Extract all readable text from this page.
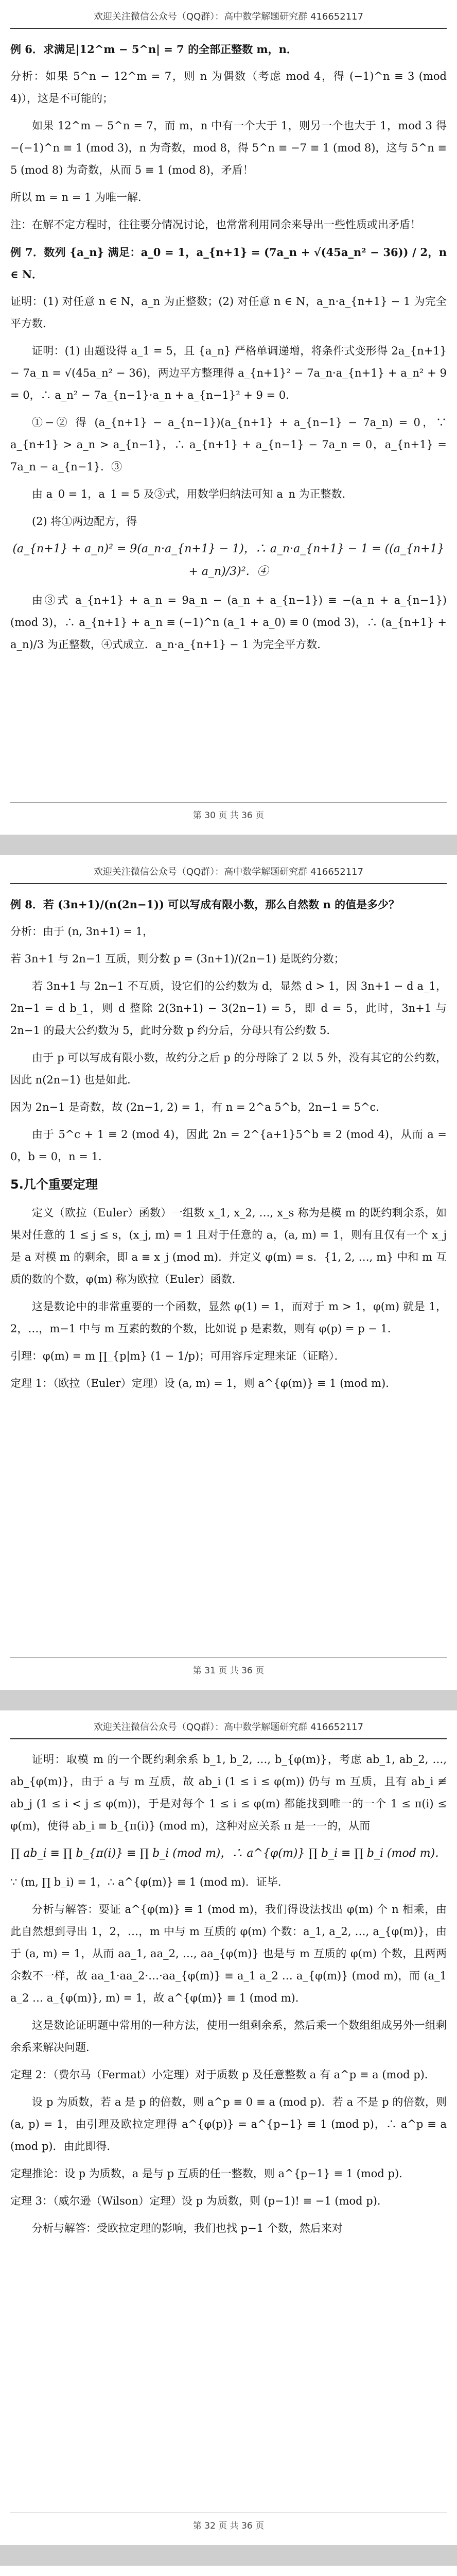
欢迎关注微信公众号（QQ群）：高中数学解题研究群 416652117

例 6．求满足|12^m − 5^n| = 7 的全部正整数 m，n．

分析：如果 5^n − 12^m = 7，则 n 为偶数（考虑 mod 4，得 (−1)^n ≡ 3 (mod 4)），这是不可能的；

如果 12^m − 5^n = 7，而 m，n 中有一个大于 1，则另一个也大于 1，mod 3 得 −(−1)^n ≡ 1 (mod 3)，n 为奇数，mod 8，得 5^n ≡ −7 ≡ 1 (mod 8)，这与 5^n ≡ 5 (mod 8) 为奇数，从而 5 ≡ 1 (mod 8)，矛盾！

所以 m = n = 1 为唯一解．

注：在解不定方程时，往往要分情况讨论，也常常利用同余来导出一些性质或出矛盾！

例 7．数列 {a_n} 满足：a_0 = 1，a_{n+1} = (7a_n + √(45a_n² − 36)) / 2，n ∈ N．

证明：(1) 对任意 n ∈ N，a_n 为正整数；(2) 对任意 n ∈ N，a_n·a_{n+1} − 1 为完全平方数．

证明：(1) 由题设得 a_1 = 5，且 {a_n} 严格单调递增，将条件式变形得 2a_{n+1} − 7a_n = √(45a_n² − 36)，两边平方整理得 a_{n+1}² − 7a_n·a_{n+1} + a_n² + 9 = 0，∴ a_n² − 7a_{n−1}·a_n + a_{n−1}² + 9 = 0．

①−② 得 (a_{n+1} − a_{n−1})(a_{n+1} + a_{n−1} − 7a_n) = 0，∵ a_{n+1} > a_n > a_{n−1}，∴ a_{n+1} + a_{n−1} − 7a_n = 0，a_{n+1} = 7a_n − a_{n−1}．③

由 a_0 = 1，a_1 = 5 及③式，用数学归纳法可知 a_n 为正整数．

(2) 将①两边配方，得

(a_{n+1} + a_n)² = 9(a_n·a_{n+1} − 1)，∴ a_n·a_{n+1} − 1 = ((a_{n+1} + a_n)/3)²．④

由③式 a_{n+1} + a_n = 9a_n − (a_n + a_{n−1}) ≡ −(a_n + a_{n−1}) (mod 3)，∴ a_{n+1} + a_n ≡ (−1)^n (a_1 + a_0) ≡ 0 (mod 3)，∴ (a_{n+1} + a_n)/3 为正整数，④式成立．a_n·a_{n+1} − 1 为完全平方数．

第 30 页 共 36 页
欢迎关注微信公众号（QQ群）：高中数学解题研究群 416652117

例 8．若 (3n+1)/(n(2n−1)) 可以写成有限小数，那么自然数 n 的值是多少？

分析：由于 (n, 3n+1) = 1，

若 3n+1 与 2n−1 互质，则分数 p = (3n+1)/(2n−1) 是既约分数；

若 3n+1 与 2n−1 不互质，设它们的公约数为 d，显然 d > 1，因 3n+1 − d a_1，2n−1 = d b_1，则 d 整除 2(3n+1) − 3(2n−1) = 5，即 d = 5，此时，3n+1 与 2n−1 的最大公约数为 5，此时分数 p 约分后，分母只有公约数 5．

由于 p 可以写成有限小数，故约分之后 p 的分母除了 2 以 5 外，没有其它的公约数，因此 n(2n−1) 也是如此．

因为 2n−1 是奇数，故 (2n−1, 2) = 1，有 n = 2^a 5^b，2n−1 = 5^c．

由于 5^c + 1 ≡ 2 (mod 4)，因此 2n = 2^{a+1}5^b ≡ 2 (mod 4)，从而 a = 0，b = 0，n = 1．

5.几个重要定理

定义（欧拉（Euler）函数）一组数 x_1, x_2, …, x_s 称为是模 m 的既约剩余系，如果对任意的 1 ≤ j ≤ s，(x_j, m) = 1 且对于任意的 a，(a, m) = 1，则有且仅有一个 x_j 是 a 对模 m 的剩余，即 a ≡ x_j (mod m)．并定义 φ(m) = s．{1, 2, …, m} 中和 m 互质的数的个数，φ(m) 称为欧拉（Euler）函数．

这是数论中的非常重要的一个函数，显然 φ(1) = 1，而对于 m > 1，φ(m) 就是 1，2，…，m−1 中与 m 互素的数的个数，比如说 p 是素数，则有 φ(p) = p − 1．

引理：φ(m) = m ∏_{p|m} (1 − 1/p)；可用容斥定理来证（证略）．

定理 1：（欧拉（Euler）定理）设 (a, m) = 1，则 a^{φ(m)} ≡ 1 (mod m)．

第 31 页 共 36 页
欢迎关注微信公众号（QQ群）：高中数学解题研究群 416652117

证明：取模 m 的一个既约剩余系 b_1, b_2, …, b_{φ(m)}，考虑 ab_1, ab_2, …, ab_{φ(m)}，由于 a 与 m 互质，故 ab_i (1 ≤ i ≤ φ(m)) 仍与 m 互质，且有 ab_i ≢ ab_j (1 ≤ i < j ≤ φ(m))，于是对每个 1 ≤ i ≤ φ(m) 都能找到唯一的一个 1 ≤ π(i) ≤ φ(m)，使得 ab_i ≡ b_{π(i)} (mod m)，这种对应关系 π 是一一的，从而

∏ ab_i ≡ ∏ b_{π(i)} ≡ ∏ b_i (mod m)，∴ a^{φ(m)} ∏ b_i ≡ ∏ b_i (mod m)．

∵ (m, ∏ b_i) = 1，∴ a^{φ(m)} ≡ 1 (mod m)．证毕．

分析与解答：要证 a^{φ(m)} ≡ 1 (mod m)，我们得设法找出 φ(m) 个 n 相乘，由此自然想到寻出 1，2，…，m 中与 m 互质的 φ(m) 个数：a_1, a_2, …, a_{φ(m)}，由于 (a, m) = 1，从而 aa_1, aa_2, …, aa_{φ(m)} 也是与 m 互质的 φ(m) 个数，且两两余数不一样，故 aa_1·aa_2·…·aa_{φ(m)} ≡ a_1 a_2 … a_{φ(m)} (mod m)，而 (a_1 a_2 … a_{φ(m)}, m) = 1，故 a^{φ(m)} ≡ 1 (mod m)．

这是数论证明题中常用的一种方法，使用一组剩余系，然后乘一个数组组成另外一组剩余系来解决问题．

定理 2：（费尔马（Fermat）小定理）对于质数 p 及任意整数 a 有 a^p ≡ a (mod p)．

设 p 为质数，若 a 是 p 的倍数，则 a^p ≡ 0 ≡ a (mod p)．若 a 不是 p 的倍数，则 (a, p) = 1，由引理及欧拉定理得 a^{φ(p)} = a^{p−1} ≡ 1 (mod p)，∴ a^p ≡ a (mod p)．由此即得．

定理推论：设 p 为质数，a 是与 p 互质的任一整数，则 a^{p−1} ≡ 1 (mod p)．

定理 3：（威尔逊（Wilson）定理）设 p 为质数，则 (p−1)! ≡ −1 (mod p)．

分析与解答：受欧拉定理的影响，我们也找 p−1 个数，然后来对

第 32 页 共 36 页
